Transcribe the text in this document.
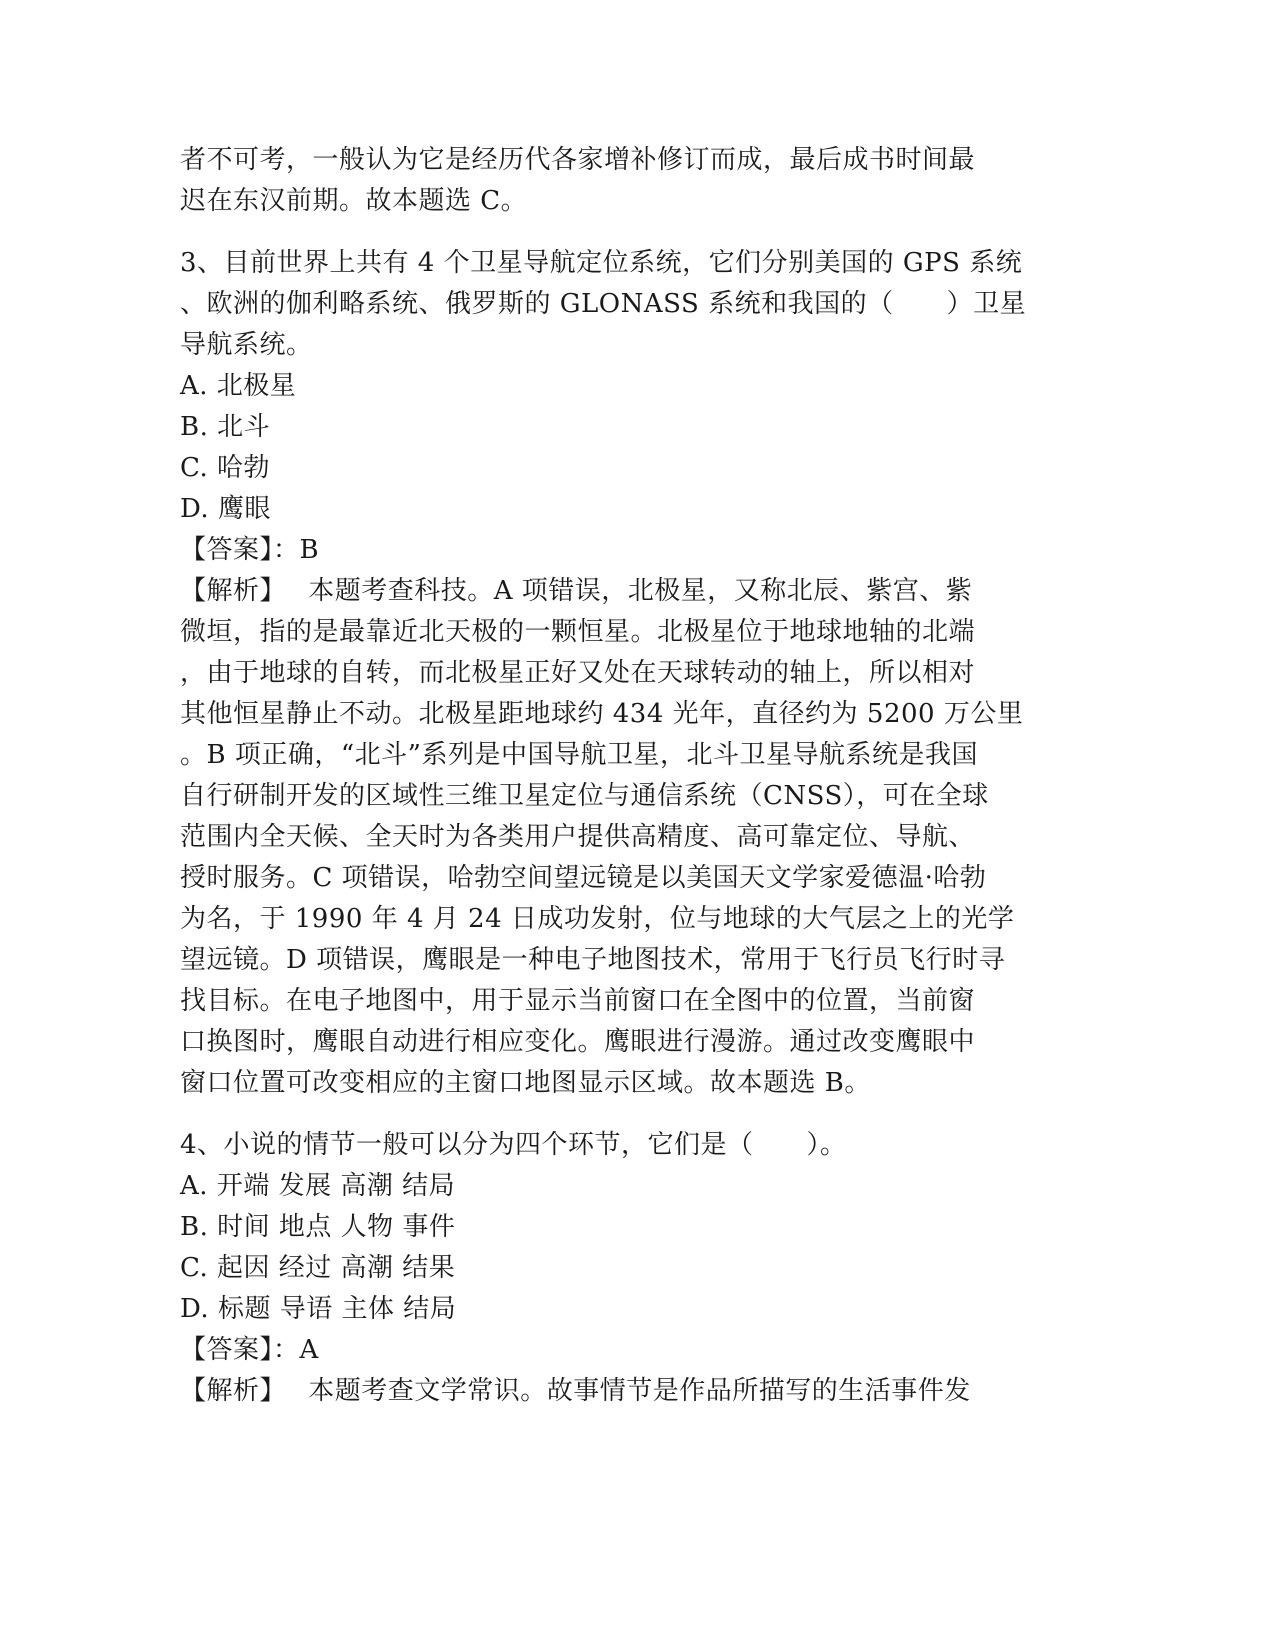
者不可考，一般认为它是经历代各家增补修订而成，最后成书时间最
迟在东汉前期。故本题选 C。
3、目前世界上共有 4 个卫星导航定位系统，它们分别美国的 GPS 系统
、欧洲的伽利略系统、俄罗斯的 GLONASS 系统和我国的（　　）卫星
导航系统。
A. 北极星
B. 北斗
C. 哈勃
D. 鹰眼
【答案】：B
【解析】　 本题考查科技。A 项错误，北极星，又称北辰、紫宫、紫
微垣，指的是最靠近北天极的一颗恒星。北极星位于地球地轴的北端
，由于地球的自转，而北极星正好又处在天球转动的轴上，所以相对
其他恒星静止不动。北极星距地球约 434 光年，直径约为 5200 万公里
。B 项正确，“北斗”系列是中国导航卫星，北斗卫星导航系统是我国
自行研制开发的区域性三维卫星定位与通信系统（CNSS），可在全球
范围内全天候、全天时为各类用户提供高精度、高可靠定位、导航、
授时服务。C 项错误，哈勃空间望远镜是以美国天文学家爱德温·哈勃
为名，于 1990 年 4 月 24 日成功发射，位与地球的大气层之上的光学
望远镜。D 项错误，鹰眼是一种电子地图技术，常用于飞行员飞行时寻
找目标。在电子地图中，用于显示当前窗口在全图中的位置，当前窗
口换图时，鹰眼自动进行相应变化。鹰眼进行漫游。通过改变鹰眼中
窗口位置可改变相应的主窗口地图显示区域。故本题选 B。
4、小说的情节一般可以分为四个环节，它们是（　　）。
A. 开端 发展 高潮 结局
B. 时间 地点 人物 事件
C. 起因 经过 高潮 结果
D. 标题 导语 主体 结局
【答案】：A
【解析】　 本题考查文学常识。故事情节是作品所描写的生活事件发
